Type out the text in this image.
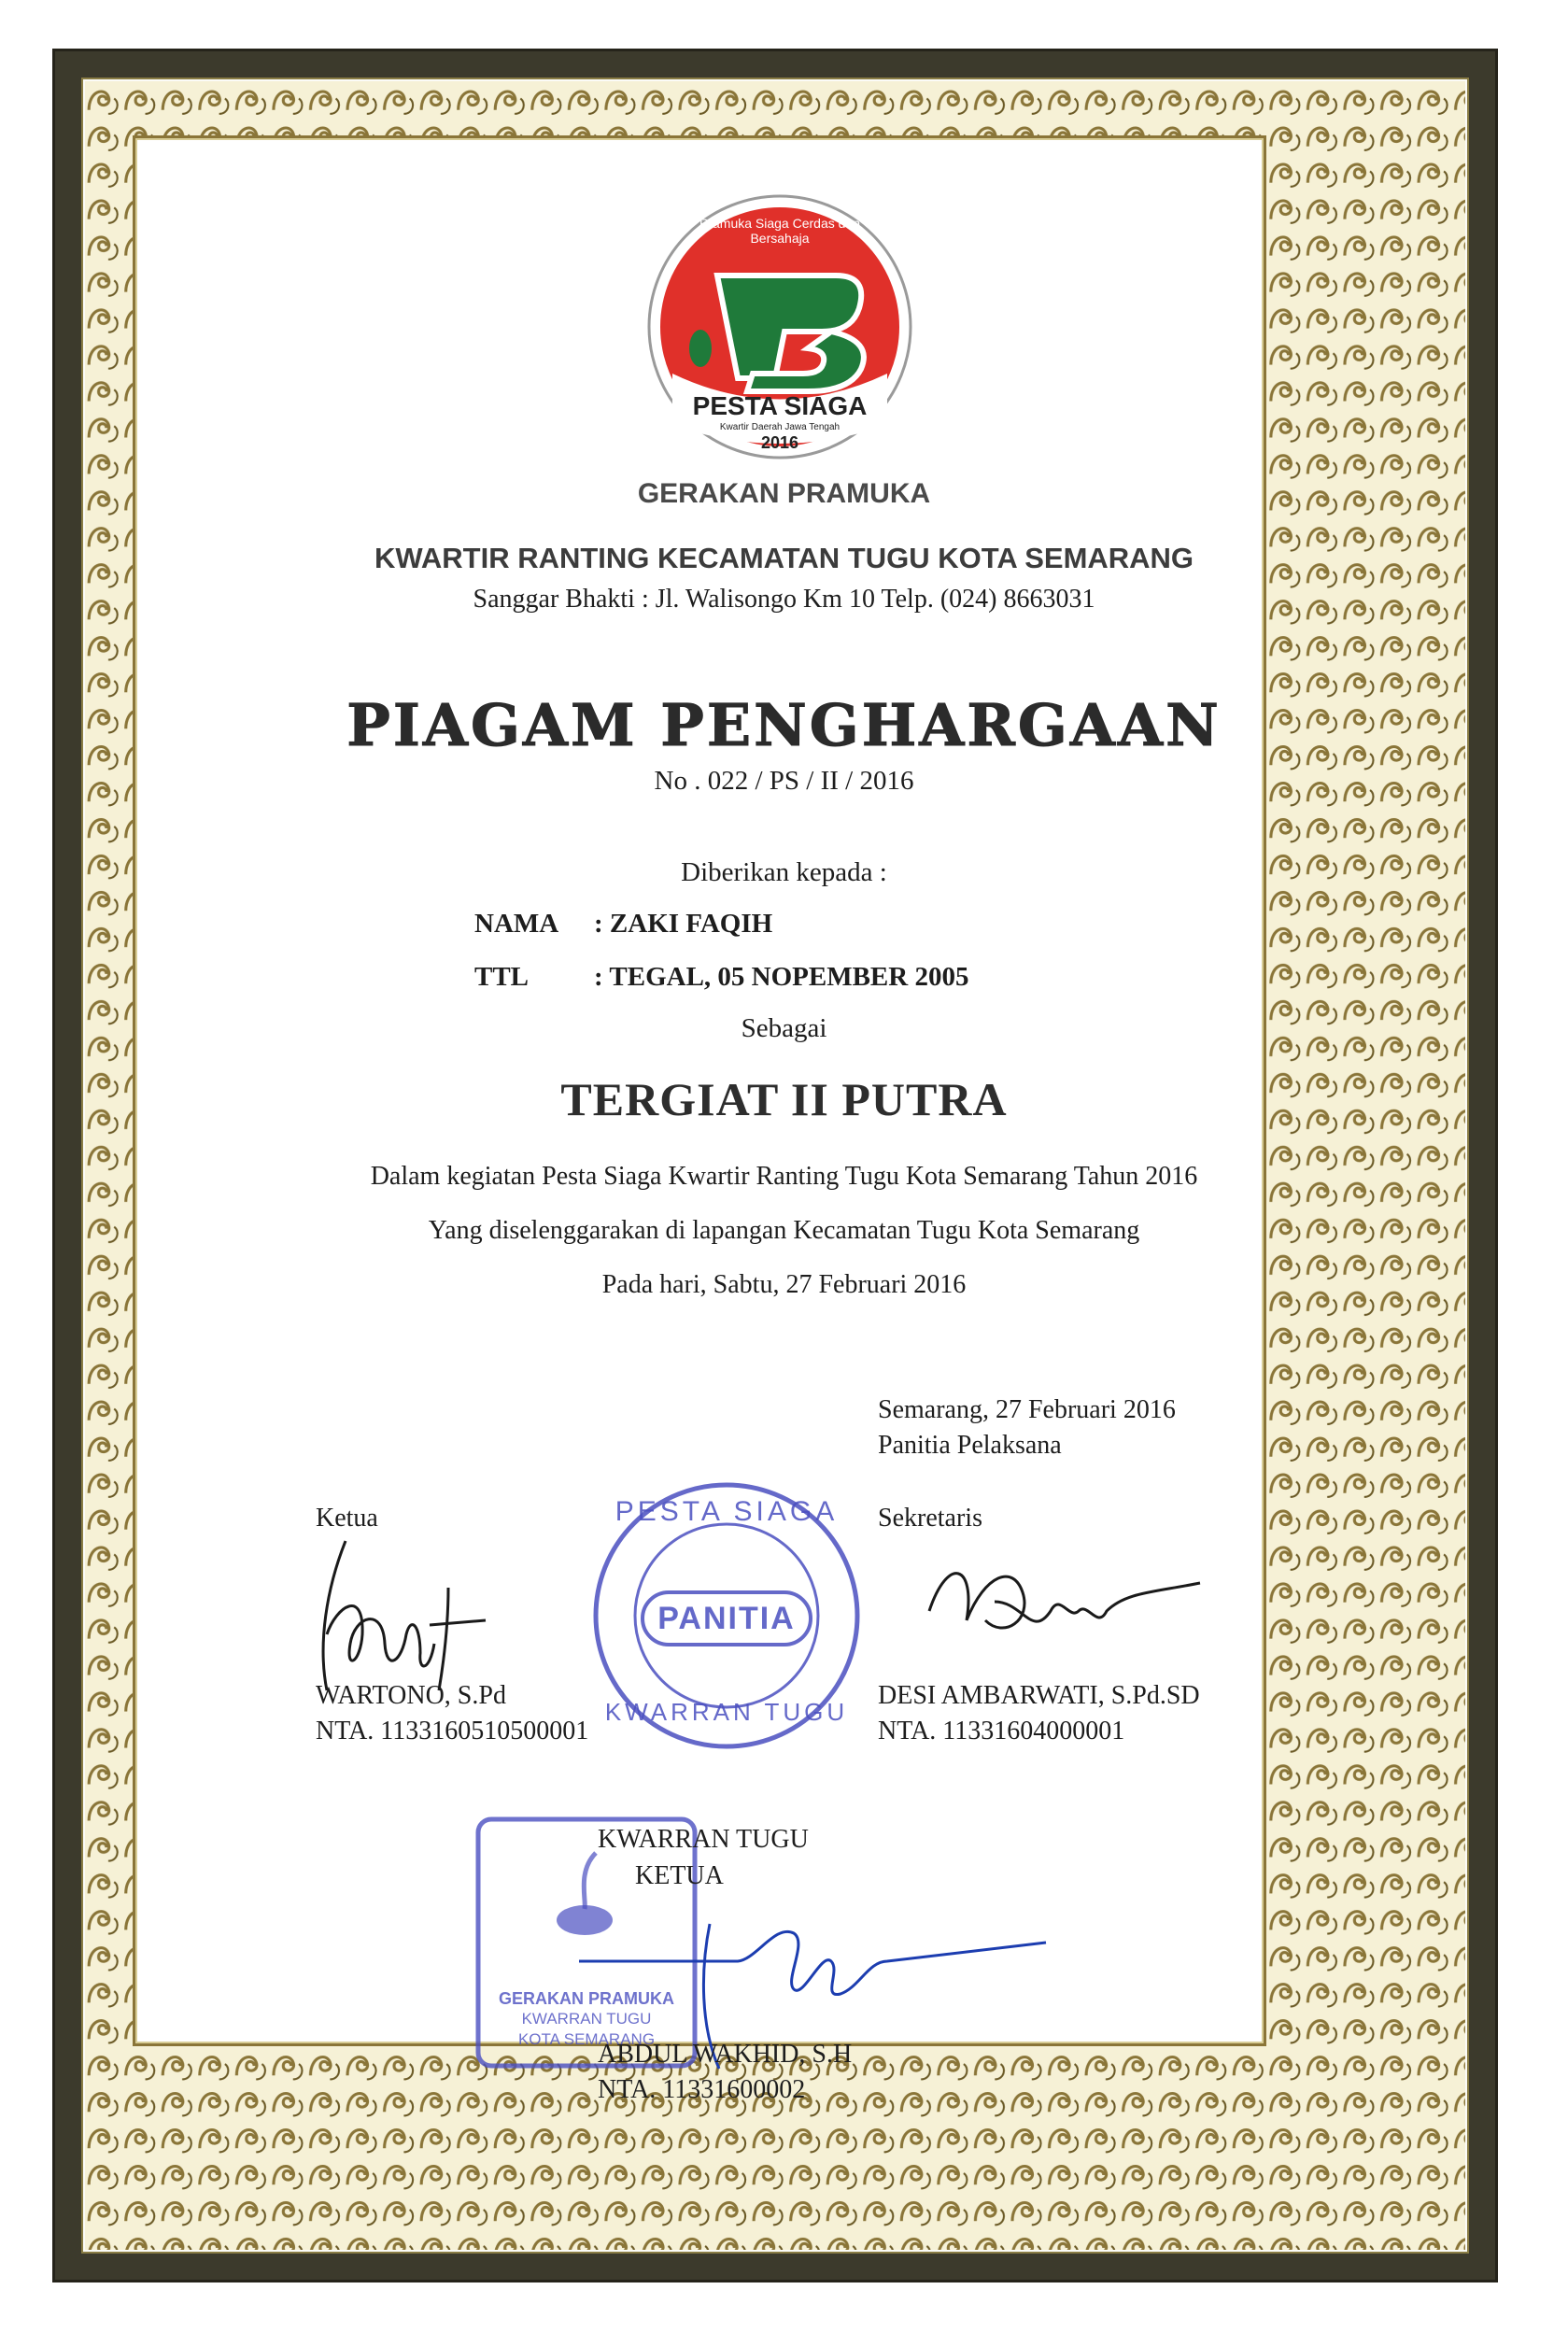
Pramuka Siaga Cerdas dan Bersahaja
PESTA SIAGA
Kwartir Daerah Jawa Tengah
2016
GERAKAN PRAMUKA
KWARTIR RANTING KECAMATAN TUGU KOTA SEMARANG
Sanggar Bhakti : Jl. Walisongo Km 10 Telp. (024) 8663031
PIAGAM PENGHARGAAN
No . 022 / PS / II / 2016
Diberikan kepada :
NAMA : ZAKI FAQIH
TTL : TEGAL, 05 NOPEMBER 2005
Sebagai
TERGIAT II PUTRA
Dalam kegiatan Pesta Siaga Kwartir Ranting Tugu Kota Semarang Tahun 2016
Yang diselenggarakan di lapangan Kecamatan Tugu Kota Semarang
Pada hari, Sabtu, 27 Februari 2016
Semarang, 27 Februari 2016
Panitia Pelaksana
Ketua
WARTONO, S.Pd
NTA. 1133160510500001
PESTA SIAGA
PANITIA
KWARRAN TUGU
Sekretaris
DESI AMBARWATI, S.Pd.SD
NTA. 11331604000001
GERAKAN PRAMUKA
KWARRAN TUGU
KOTA SEMARANG
KWARRAN TUGU
KETUA
ABDUL WAKHID, S.H
NTA. 11331600002
